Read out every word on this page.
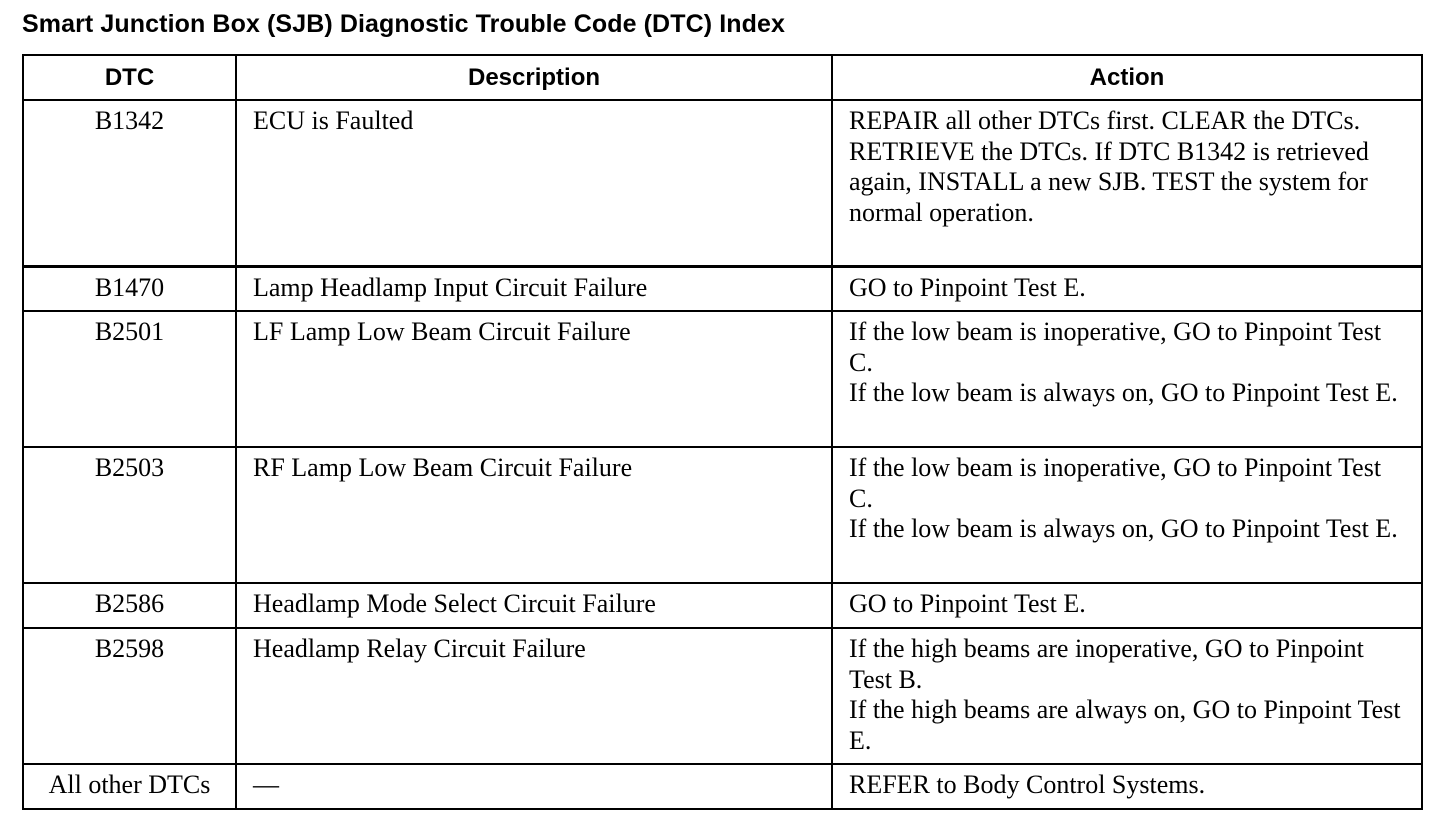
Smart Junction Box (SJB) Diagnostic Trouble Code (DTC) Index
DTC	Description	Action
B1342	ECU is Faulted	REPAIR all other DTCs first. CLEAR the DTCs. RETRIEVE the DTCs. If DTC B1342 is retrieved again, INSTALL a new SJB. TEST the system for normal operation.

B1470	Lamp Headlamp Input Circuit Failure	GO to Pinpoint Test E.

B2501	LF Lamp Low Beam Circuit Failure	If the low beam is inoperative, GO to Pinpoint Test C.
If the low beam is always on, GO to Pinpoint Test E.

B2503	RF Lamp Low Beam Circuit Failure	If the low beam is inoperative, GO to Pinpoint Test C.
If the low beam is always on, GO to Pinpoint Test E.

B2586	Headlamp Mode Select Circuit Failure	GO to Pinpoint Test E.

B2598	Headlamp Relay Circuit Failure	If the high beams are inoperative, GO to Pinpoint Test B.
If the high beams are always on, GO to Pinpoint Test E.

All other DTCs	—	REFER to Body Control Systems.
